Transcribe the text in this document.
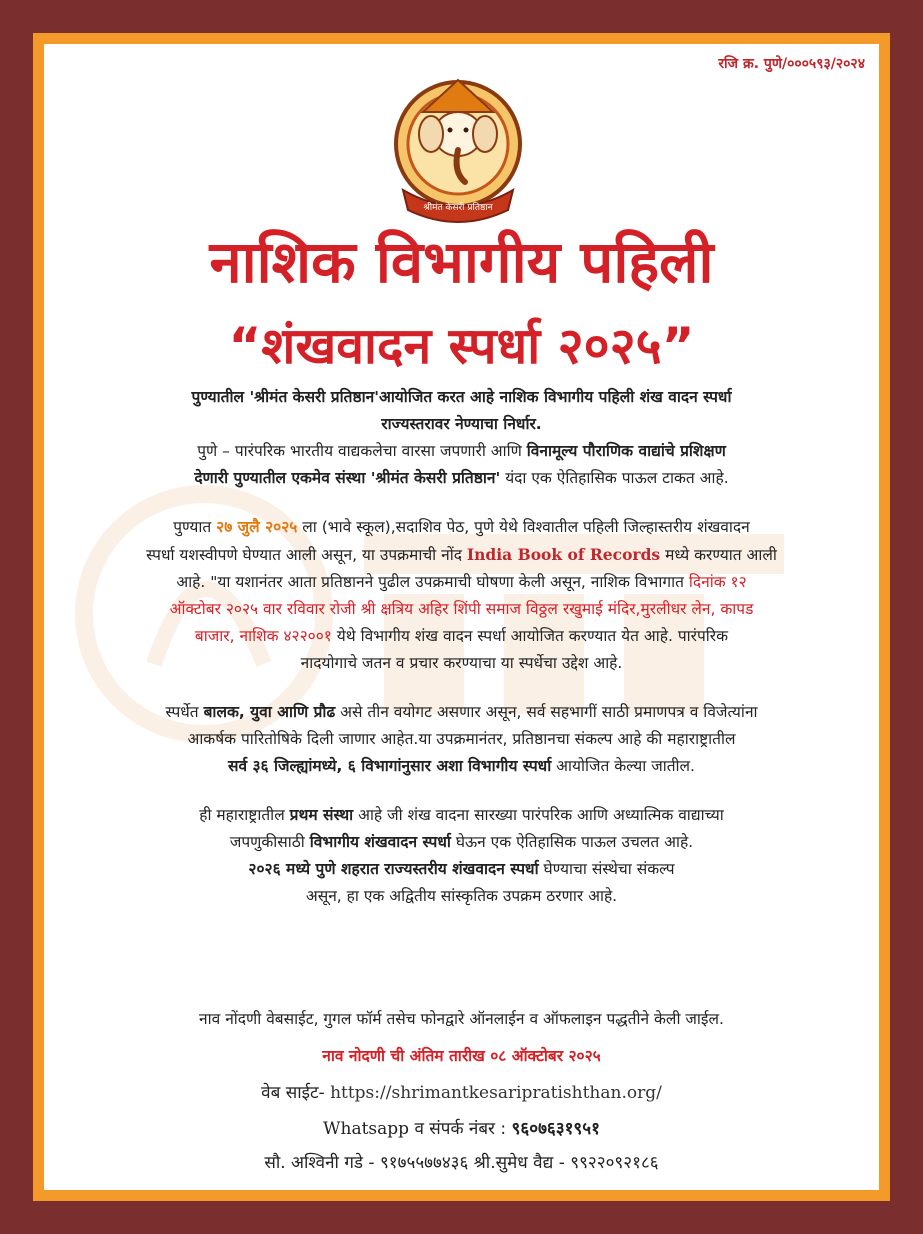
रजि क्र. पुणे/०००५९३/२०२४
श्रीमंत केसरी प्रतिष्ठान
नाशिक विभागीय पहिली
“शंखवादन स्पर्धा २०२५”

पुण्यातील 'श्रीमंत केसरी प्रतिष्ठान'आयोजित करत आहे नाशिक विभागीय पहिली शंख वादन स्पर्धा

राज्यस्तरावर नेण्याचा निर्धार.

पुणे – पारंपरिक भारतीय वाद्यकलेचा वारसा जपणारी आणि विनामूल्य पौराणिक वाद्यांचे प्रशिक्षण

देणारी पुण्यातील एकमेव संस्था 'श्रीमंत केसरी प्रतिष्ठान' यंदा एक ऐतिहासिक पाऊल टाकत आहे.

पुण्यात २७ जुलै २०२५ ला (भावे स्कूल),सदाशिव पेठ, पुणे येथे विश्वातील पहिली जिल्हास्तरीय शंखवादन

स्पर्धा यशस्वीपणे घेण्यात आली असून, या उपक्रमाची नोंद India Book of Records मध्ये करण्यात आली

आहे. "या यशानंतर आता प्रतिष्ठानने पुढील उपक्रमाची घोषणा केली असून, नाशिक विभागात दिनांक १२

ऑक्टोबर २०२५ वार रविवार रोजी श्री क्षत्रिय अहिर शिंपी समाज विठ्ठल रखुमाई मंदिर,मुरलीधर लेन, कापड

बाजार, नाशिक ४२२००१ येथे विभागीय शंख वादन स्पर्धा आयोजित करण्यात येत आहे. पारंपरिक

नादयोगाचे जतन व प्रचार करण्याचा या स्पर्धेचा उद्देश आहे.

स्पर्धेत बालक, युवा आणि प्रौढ असे तीन वयोगट असणार असून, सर्व सहभागीं साठी प्रमाणपत्र व विजेत्यांना

आकर्षक पारितोषिके दिली जाणार आहेत.या उपक्रमानंतर, प्रतिष्ठानचा संकल्प आहे की महाराष्ट्रातील

सर्व ३६ जिल्ह्यांमध्ये, ६ विभागांनुसार अशा विभागीय स्पर्धा आयोजित केल्या जातील.

ही महाराष्ट्रातील प्रथम संस्था आहे जी शंख वादना सारख्या पारंपरिक आणि अध्यात्मिक वाद्याच्या

जपणुकीसाठी विभागीय शंखवादन स्पर्धा घेऊन एक ऐतिहासिक पाऊल उचलत आहे.

२०२६ मध्ये पुणे शहरात राज्यस्तरीय शंखवादन स्पर्धा घेण्याचा संस्थेचा संकल्प

असून, हा एक अद्वितीय सांस्कृतिक उपक्रम ठरणार आहे.

नाव नोंदणी वेबसाईट, गुगल फॉर्म तसेच फोनद्वारे ऑनलाईन व ऑफलाइन पद्धतीने केली जाईल.
नाव नोदणी ची अंतिम तारीख ०८ ऑक्टोबर २०२५
वेब साईट- https://shrimantkesaripratishthan.org/
Whatsapp व संपर्क नंबर : ९६०७६३१९५१
सौ. अश्विनी गडे - ९१७५५७७४३६ श्री.सुमेध वैद्य - ९९२२०९२१८६
